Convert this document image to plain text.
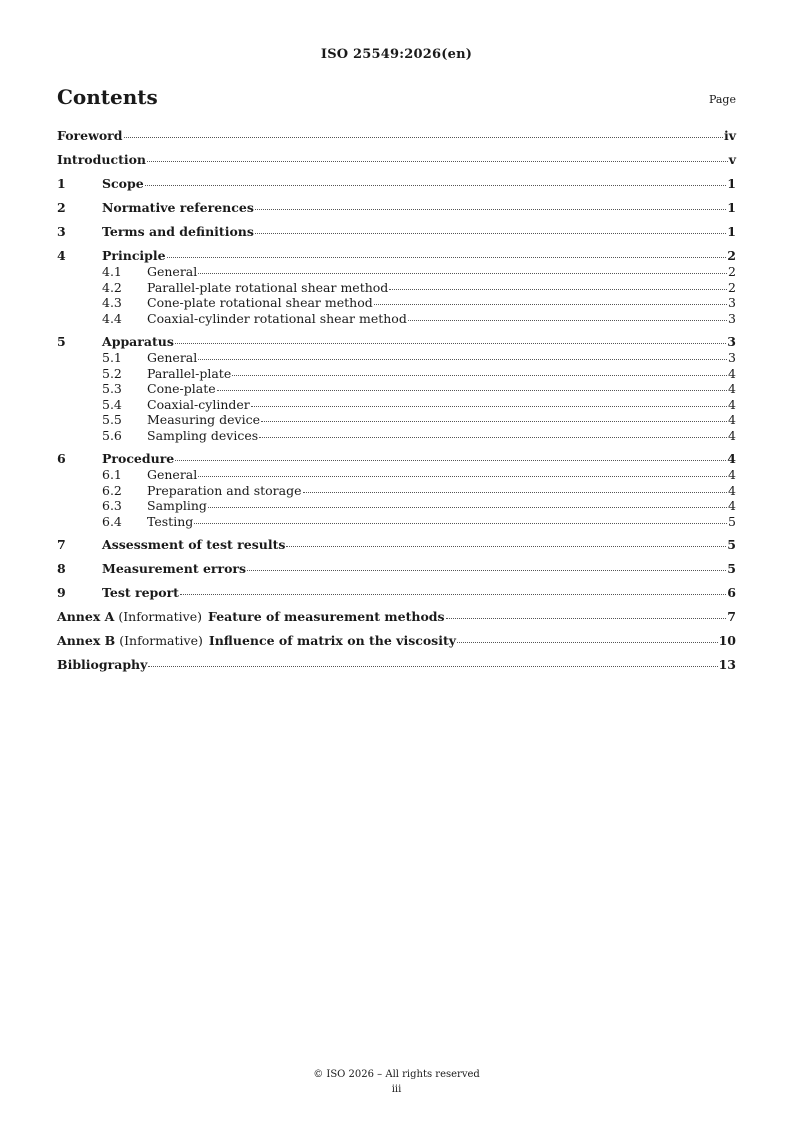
ISO 25549:2026(en)
Contents	Page
Foreword	iv
Introduction	v
1	Scope	1
2	Normative references	1
3	Terms and definitions	1
4	Principle	2
4.1	General	2
4.2	Parallel-plate rotational shear method	2
4.3	Cone-plate rotational shear method	3
4.4	Coaxial-cylinder rotational shear method	3
5	Apparatus	3
5.1	General	3
5.2	Parallel-plate	4
5.3	Cone-plate	4
5.4	Coaxial-cylinder	4
5.5	Measuring device	4
5.6	Sampling devices	4
6	Procedure	4
6.1	General	4
6.2	Preparation and storage	4
6.3	Sampling	4
6.4	Testing	5
7	Assessment of test results	5
8	Measurement errors	5
9	Test report	6
Annex A (Informative) Feature of measurement methods	7
Annex B (Informative) Influence of matrix on the viscosity	10
Bibliography	13
© ISO 2026 – All rights reserved
iii
